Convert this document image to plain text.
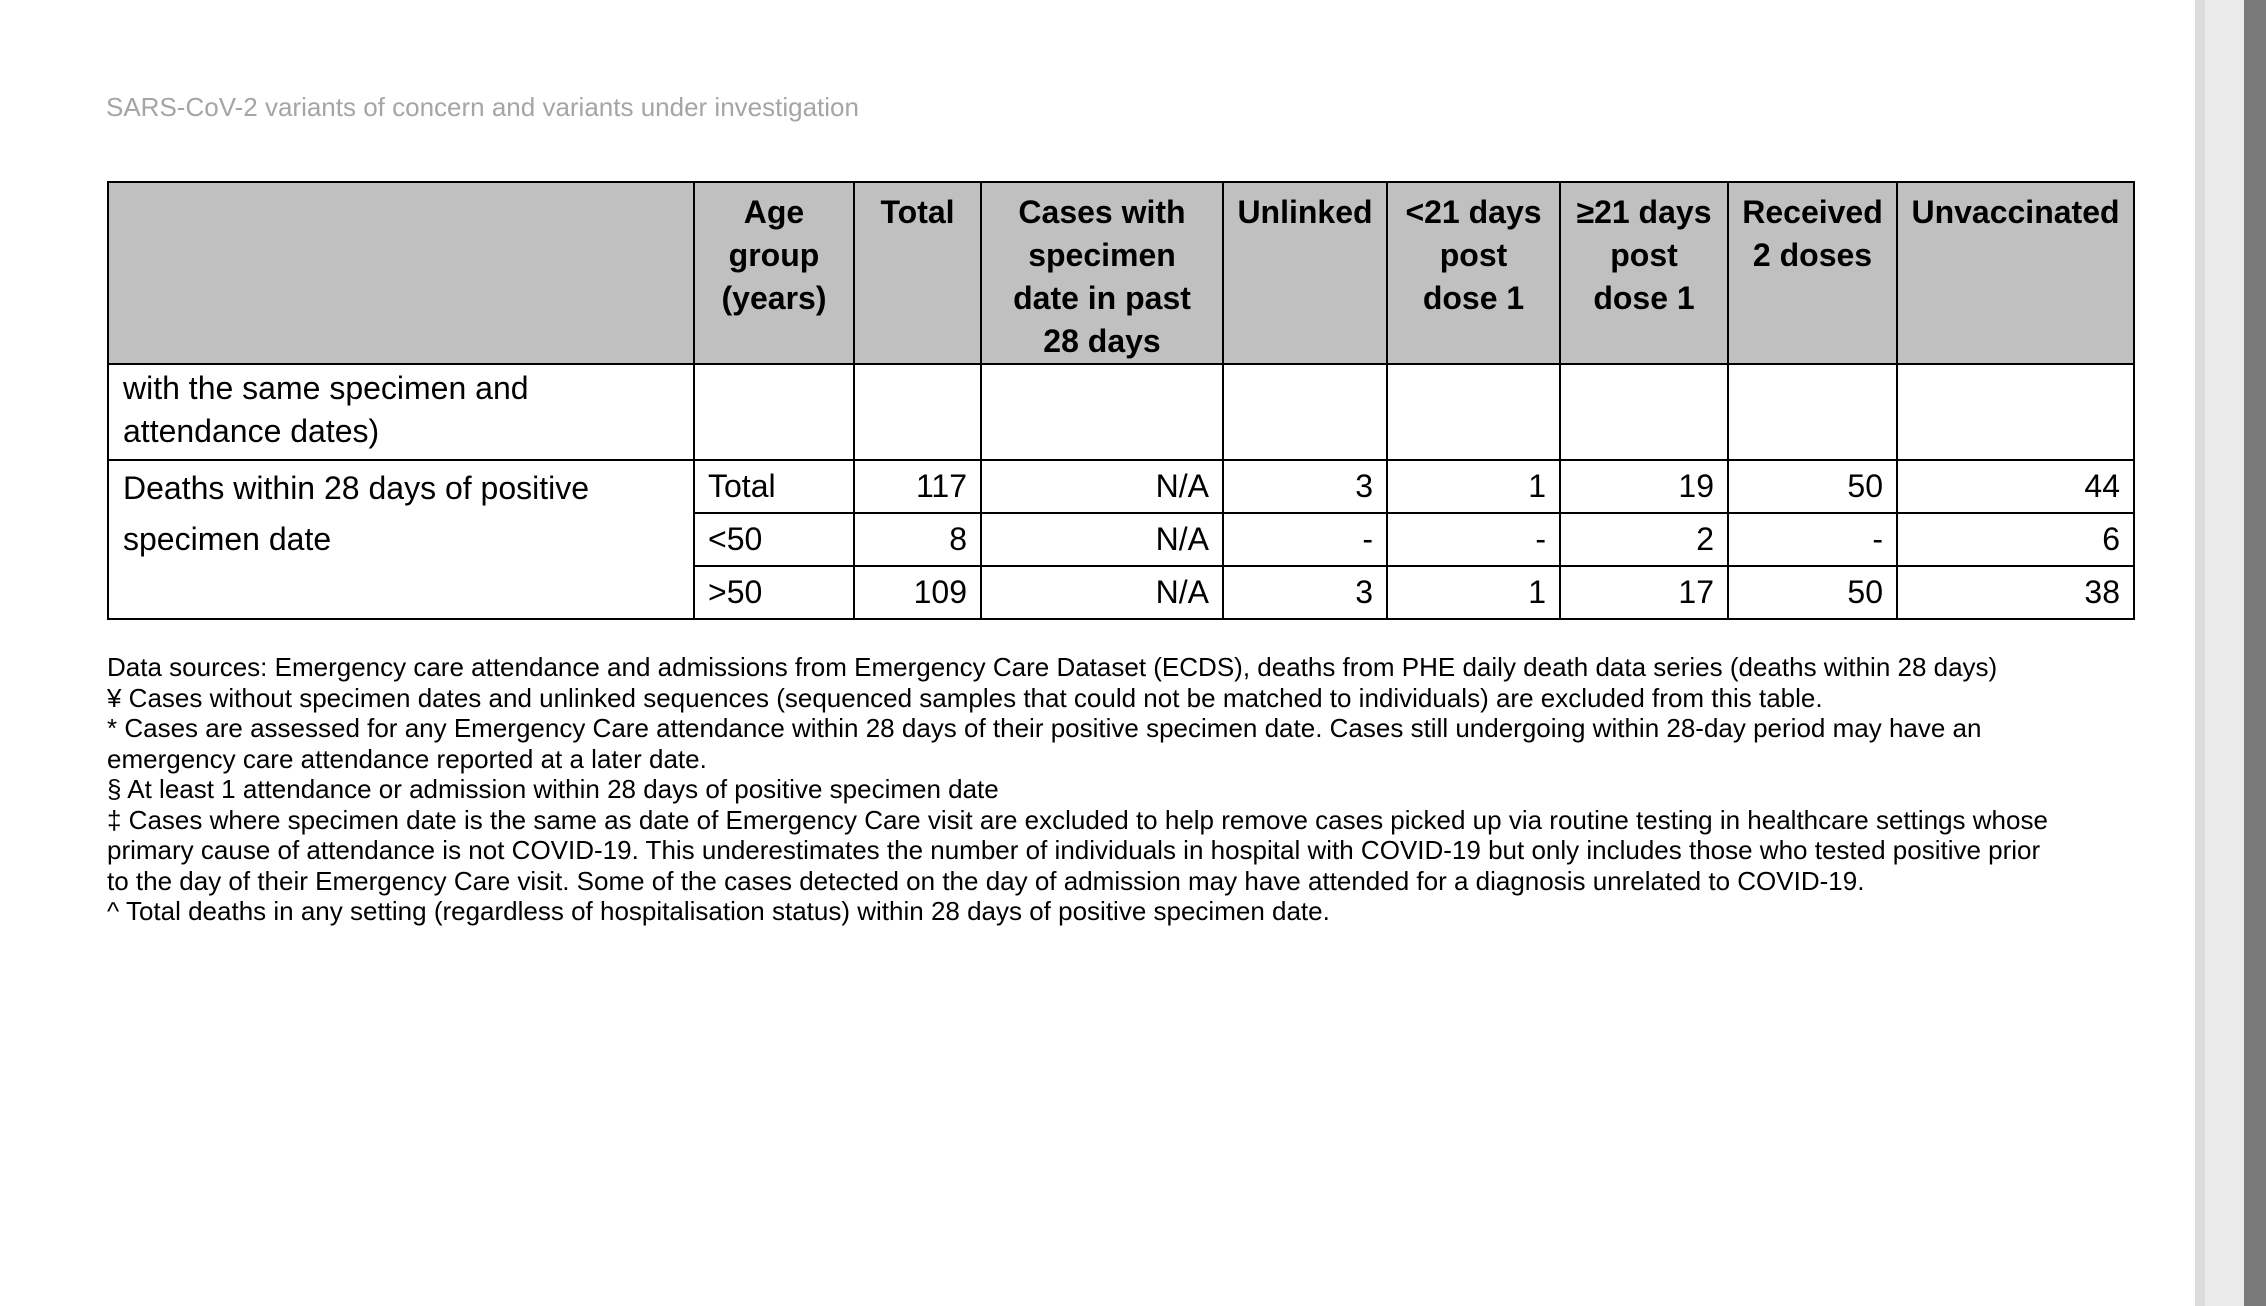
SARS-CoV-2 variants of concern and variants under investigation
	Age group (years)	Total	Cases with specimen date in past 28 days	Unlinked	<21 days post dose 1	≥21 days post dose 1	Received 2 doses	Unvaccinated
with the same specimen and attendance dates)								
Deaths within 28 days of positive specimen date	Total	117	N/A	3	1	19	50	44
	<50	8	N/A	-	-	2	-	6
	>50	109	N/A	3	1	17	50	38

Data sources: Emergency care attendance and admissions from Emergency Care Dataset (ECDS), deaths from PHE daily death data series (deaths within 28 days)

¥ Cases without specimen dates and unlinked sequences (sequenced samples that could not be matched to individuals) are excluded from this table.

* Cases are assessed for any Emergency Care attendance within 28 days of their positive specimen date. Cases still undergoing within 28-day period may have an emergency care attendance reported at a later date.

§ At least 1 attendance or admission within 28 days of positive specimen date

‡ Cases where specimen date is the same as date of Emergency Care visit are excluded to help remove cases picked up via routine testing in healthcare settings whose primary cause of attendance is not COVID-19. This underestimates the number of individuals in hospital with COVID-19 but only includes those who tested positive prior to the day of their Emergency Care visit. Some of the cases detected on the day of admission may have attended for a diagnosis unrelated to COVID-19.

^ Total deaths in any setting (regardless of hospitalisation status) within 28 days of positive specimen date.
